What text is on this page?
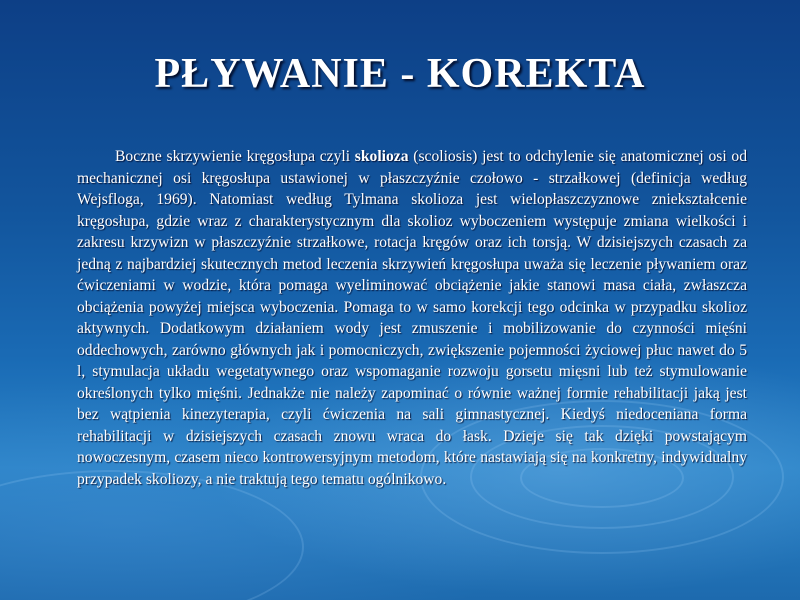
PŁYWANIE - KOREKTA

Boczne skrzywienie kręgosłupa czyli skolioza (scoliosis) jest to odchylenie się anatomicznej osi od mechanicznej osi kręgosłupa ustawionej w płaszczyźnie czołowo - strzałkowej (definicja według Wejsfloga, 1969). Natomiast według Tylmana skolioza jest wielopłaszczyznowe zniekształcenie kręgosłupa, gdzie wraz z charakterystycznym dla skolioz wyboczeniem występuje zmiana wielkości i zakresu krzywizn w płaszczyźnie strzałkowe, rotacja kręgów oraz ich torsją. W dzisiejszych czasach za jedną z najbardziej skutecznych metod leczenia skrzywień kręgosłupa uważa się leczenie pływaniem oraz ćwiczeniami w wodzie, która pomaga wyeliminować obciążenie jakie stanowi masa ciała, zwłaszcza obciążenia powyżej miejsca wyboczenia. Pomaga to w samo korekcji tego odcinka w przypadku skolioz aktywnych. Dodatkowym działaniem wody jest zmuszenie i mobilizowanie do czynności mięśni oddechowych, zarówno głównych jak i pomocniczych, zwiększenie pojemności życiowej płuc nawet do 5 l, stymulacja układu wegetatywnego oraz wspomaganie rozwoju gorsetu mięsni lub też stymulowanie określonych tylko mięśni. Jednakże nie należy zapominać o równie ważnej formie rehabilitacji jaką jest bez wątpienia kinezyterapia, czyli ćwiczenia na sali gimnastycznej. Kiedyś niedoceniana forma rehabilitacji w dzisiejszych czasach znowu wraca do łask. Dzieje się tak dzięki powstającym nowoczesnym, czasem nieco kontrowersyjnym metodom, które nastawiają się na konkretny, indywidualny przypadek skoliozy, a nie traktują tego tematu ogólnikowo.
